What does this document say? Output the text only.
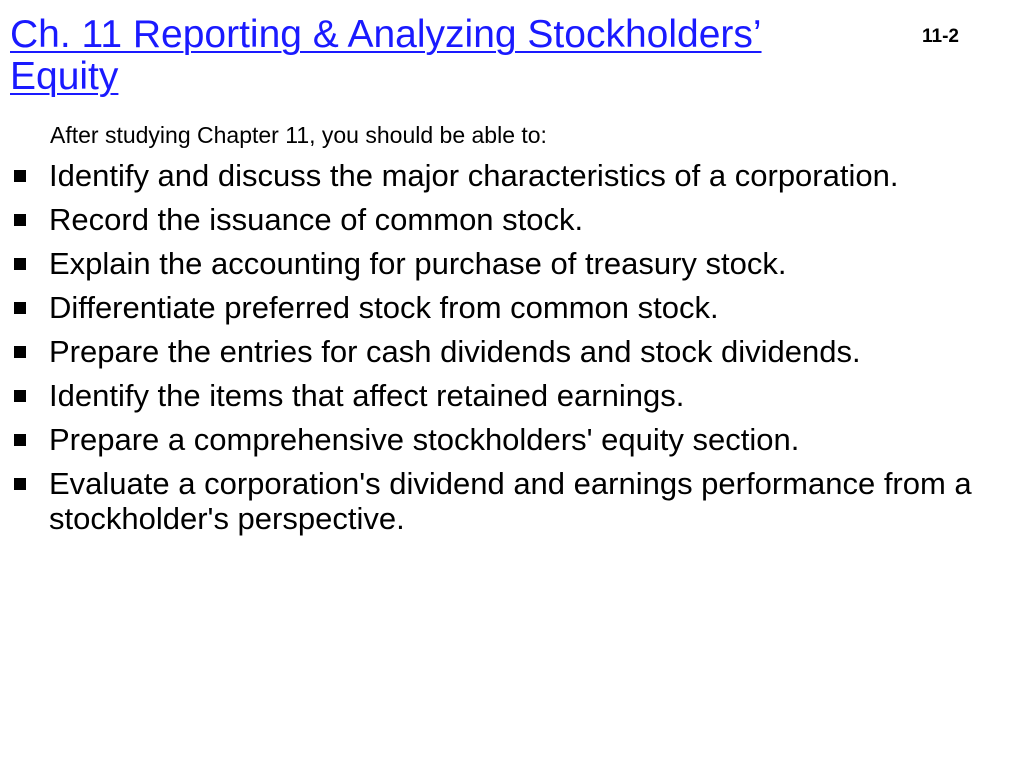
Ch. 11 Reporting & Analyzing Stockholders’
Equity
11-2
After studying Chapter 11, you should be able to:
Identify and discuss the major characteristics of a corporation.
Record the issuance of common stock.
Explain the accounting for purchase of treasury stock.
Differentiate preferred stock from common stock.
Prepare the entries for cash dividends and stock dividends.
Identify the items that affect retained earnings.
Prepare a comprehensive stockholders' equity section.
Evaluate a corporation's dividend and earnings performance from a stockholder's perspective.
